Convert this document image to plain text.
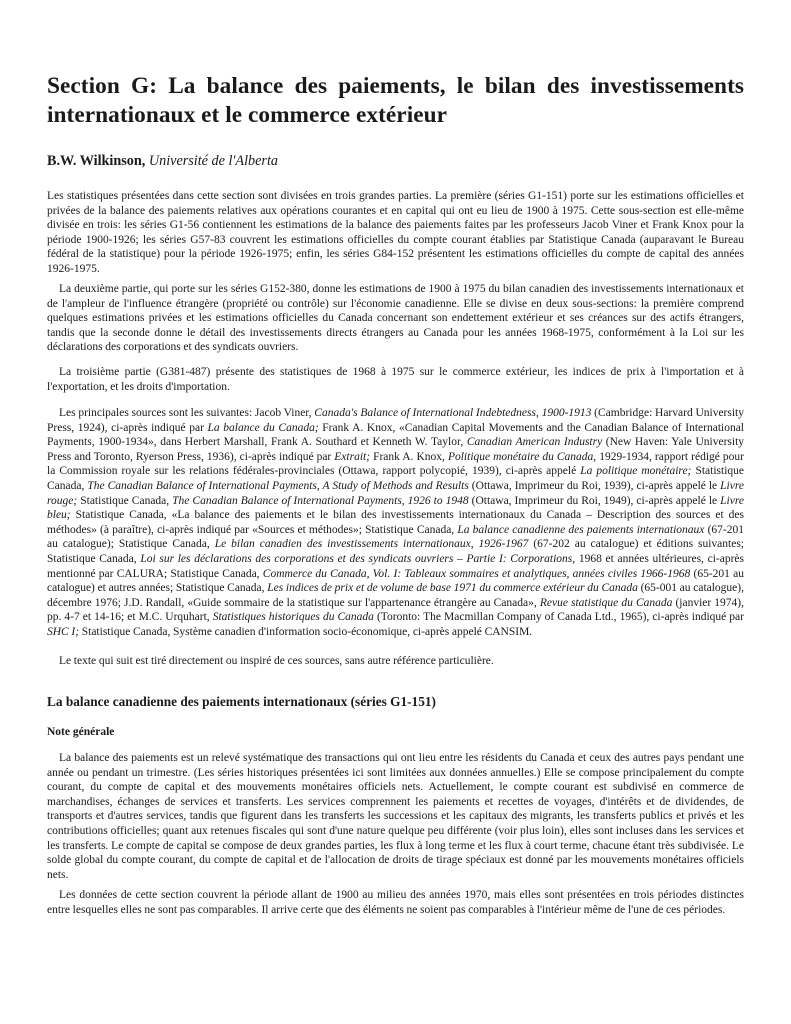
Section G: La balance des paiements, le bilan des investissements internationaux et le commerce extérieur

B.W. Wilkinson, Université de l'Alberta

Les statistiques présentées dans cette section sont divisées en trois grandes parties. La première (séries G1-151) porte sur les estimations officielles et privées de la balance des paiements relatives aux opérations courantes et en capital qui ont eu lieu de 1900 à 1975. Cette sous-section est elle-même divisée en trois: les séries G1-56 contiennent les estimations de la balance des paiements faites par les professeurs Jacob Viner et Frank Knox pour la période 1900-1926; les séries G57-83 couvrent les estimations officielles du compte courant établies par Statistique Canada (auparavant le Bureau fédéral de la statistique) pour la période 1926-1975; enfin, les séries G84-152 présentent les estimations officielles du compte de capital des années 1926-1975.

La deuxième partie, qui porte sur les séries G152-380, donne les estimations de 1900 à 1975 du bilan canadien des investissements internationaux et de l'ampleur de l'influence étrangère (propriété ou contrôle) sur l'économie canadienne. Elle se divise en deux sous-sections: la première comprend quelques estimations privées et les estimations officielles du Canada concernant son endettement extérieur et ses créances sur des actifs étrangers, tandis que la seconde donne le détail des investissements directs étrangers au Canada pour les années 1968-1975, conformément à la Loi sur les déclarations des corporations et des syndicats ouvriers.

La troisième partie (G381-487) présente des statistiques de 1968 à 1975 sur le commerce extérieur, les indices de prix à l'importation et à l'exportation, et les droits d'importation.

Les principales sources sont les suivantes: Jacob Viner, Canada's Balance of International Indebtedness, 1900-1913 (Cambridge: Harvard University Press, 1924), ci-après indiqué par La balance du Canada; Frank A. Knox, «Canadian Capital Movements and the Canadian Balance of International Payments, 1900-1934», dans Herbert Marshall, Frank A. Southard et Kenneth W. Taylor, Canadian American Industry (New Haven: Yale University Press and Toronto, Ryerson Press, 1936), ci-après indiqué par Extrait; Frank A. Knox, Politique monétaire du Canada, 1929-1934, rapport rédigé pour la Commission royale sur les relations fédérales-provinciales (Ottawa, rapport polycopié, 1939), ci-après appelé La politique monétaire; Statistique Canada, The Canadian Balance of International Payments, A Study of Methods and Results (Ottawa, Imprimeur du Roi, 1939), ci-après appelé le Livre rouge; Statistique Canada, The Canadian Balance of International Payments, 1926 to 1948 (Ottawa, Imprimeur du Roi, 1949), ci-après appelé le Livre bleu; Statistique Canada, «La balance des paiements et le bilan des investissements internationaux du Canada – Description des sources et des méthodes» (à paraître), ci-après indiqué par «Sources et méthodes»; Statistique Canada, La balance canadienne des paiements internationaux (67-201 au catalogue); Statistique Canada, Le bilan canadien des investissements internationaux, 1926-1967 (67-202 au catalogue) et éditions suivantes; Statistique Canada, Loi sur les déclarations des corporations et des syndicats ouvriers – Partie I: Corporations, 1968 et années ultérieures, ci-après mentionné par CALURA; Statistique Canada, Commerce du Canada, Vol. I: Tableaux sommaires et analytiques, années civiles 1966-1968 (65-201 au catalogue) et autres années; Statistique Canada, Les indices de prix et de volume de base 1971 du commerce extérieur du Canada (65-001 au catalogue), décembre 1976; J.D. Randall, «Guide sommaire de la statistique sur l'appartenance étrangère au Canada», Revue statistique du Canada (janvier 1974), pp. 4-7 et 14-16; et M.C. Urquhart, Statistiques historiques du Canada (Toronto: The Macmillan Company of Canada Ltd., 1965), ci-après indiqué par SHC I; Statistique Canada, Système canadien d'information socio-économique, ci-après appelé CANSIM.

Le texte qui suit est tiré directement ou inspiré de ces sources, sans autre référence particulière.

La balance canadienne des paiements internationaux (séries G1-151)
Note générale

La balance des paiements est un relevé systématique des transactions qui ont lieu entre les résidents du Canada et ceux des autres pays pendant une année ou pendant un trimestre. (Les séries historiques présentées ici sont limitées aux données annuelles.) Elle se compose principalement du compte courant, du compte de capital et des mouvements monétaires officiels nets. Actuellement, le compte courant est subdivisé en commerce de marchandises, échanges de services et transferts. Les services comprennent les paiements et recettes de voyages, d'intérêts et de dividendes, de transports et d'autres services, tandis que figurent dans les transferts les successions et les capitaux des migrants, les transferts publics et privés et les contributions officielles; quant aux retenues fiscales qui sont d'une nature quelque peu différente (voir plus loin), elles sont incluses dans les services et les transferts. Le compte de capital se compose de deux grandes parties, les flux à long terme et les flux à court terme, chacune étant très subdivisée. Le solde global du compte courant, du compte de capital et de l'allocation de droits de tirage spéciaux est donné par les mouvements monétaires officiels nets.

Les données de cette section couvrent la période allant de 1900 au milieu des années 1970, mais elles sont présentées en trois périodes distinctes entre lesquelles elles ne sont pas comparables. Il arrive certe que des éléments ne soient pas comparables à l'intérieur même de l'une de ces périodes.
